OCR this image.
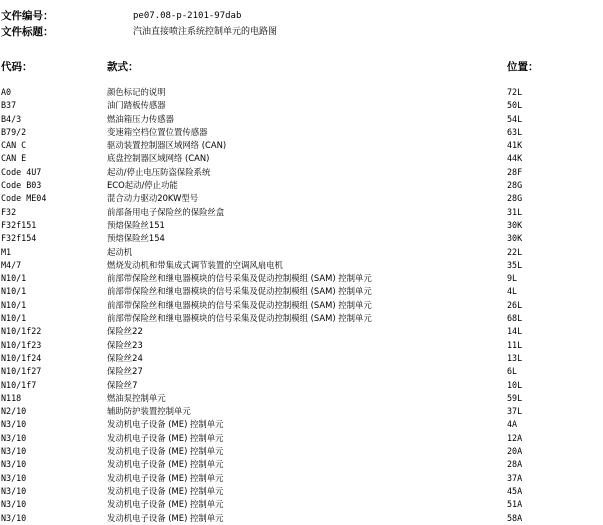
文件编号：	pe07.08-p-2101-97dab
文件标题：	汽油直接喷注系统控制单元的电路图
代码：	款式：	位置：
A0	颜色标记的说明	72L
B37	油门踏板传感器	50L
B4/3	燃油箱压力传感器	54L
B79/2	变速箱空档位置位置传感器	63L
CAN C	驱动装置控制器区域网络 (CAN)	41K
CAN E	底盘控制器区域网络 (CAN)	44K
Code 4U7	起动/停止电压防盗保险系统	28F
Code B03	ECO起动/停止功能	28G
Code ME04	混合动力驱动20KW型号	28G
F32	前部备用电子保险丝的保险丝盒	31L
F32f151	预熔保险丝151	30K
F32f154	预熔保险丝154	30K
M1	起动机	22L
M4/7	燃烧发动机和带集成式调节装置的空调风扇电机	35L
N10/1	前部带保险丝和继电器模块的信号采集及促动控制模组 (SAM) 控制单元	9L
N10/1	前部带保险丝和继电器模块的信号采集及促动控制模组 (SAM) 控制单元	4L
N10/1	前部带保险丝和继电器模块的信号采集及促动控制模组 (SAM) 控制单元	26L
N10/1	前部带保险丝和继电器模块的信号采集及促动控制模组 (SAM) 控制单元	68L
N10/1f22	保险丝22	14L
N10/1f23	保险丝23	11L
N10/1f24	保险丝24	13L
N10/1f27	保险丝27	6L
N10/1f7	保险丝7	10L
N118	燃油泵控制单元	59L
N2/10	辅助防护装置控制单元	37L
N3/10	发动机电子设备 (ME) 控制单元	4A
N3/10	发动机电子设备 (ME) 控制单元	12A
N3/10	发动机电子设备 (ME) 控制单元	20A
N3/10	发动机电子设备 (ME) 控制单元	28A
N3/10	发动机电子设备 (ME) 控制单元	37A
N3/10	发动机电子设备 (ME) 控制单元	45A
N3/10	发动机电子设备 (ME) 控制单元	51A
N3/10	发动机电子设备 (ME) 控制单元	58A
